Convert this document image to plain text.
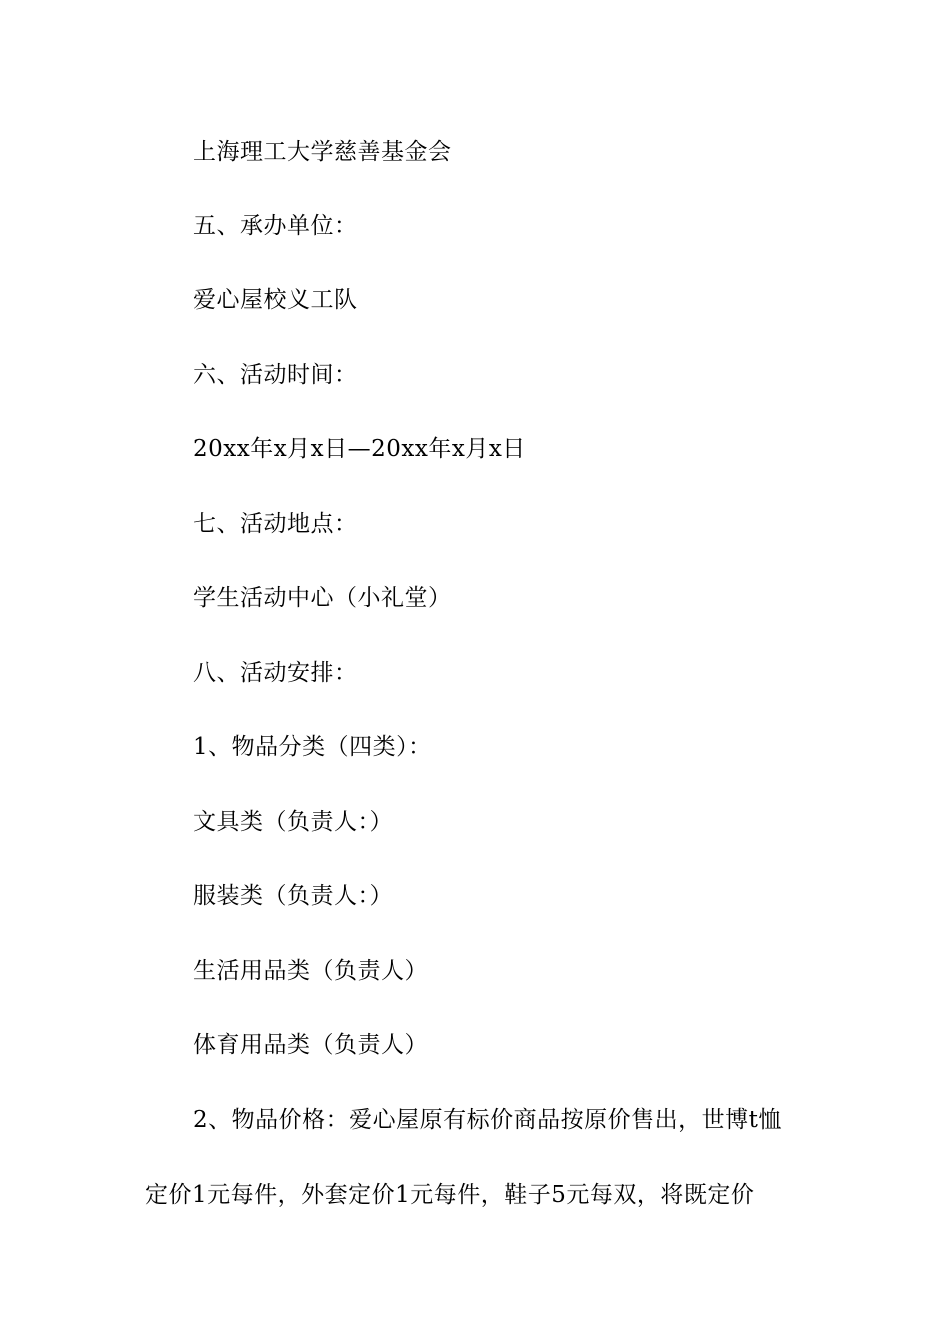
上海理工大学慈善基金会
五、承办单位：
爱心屋校义工队
六、活动时间：
20xx年x月x日—20xx年x月x日
七、活动地点：
学生活动中心（小礼堂）
八、活动安排：
1、物品分类（四类）：
文具类（负责人：）
服装类（负责人：）
生活用品类（负责人）
体育用品类（负责人）
2、物品价格：爱心屋原有标价商品按原价售出，世博t恤
定价1元每件，外套定价1元每件，鞋子5元每双，将既定价
